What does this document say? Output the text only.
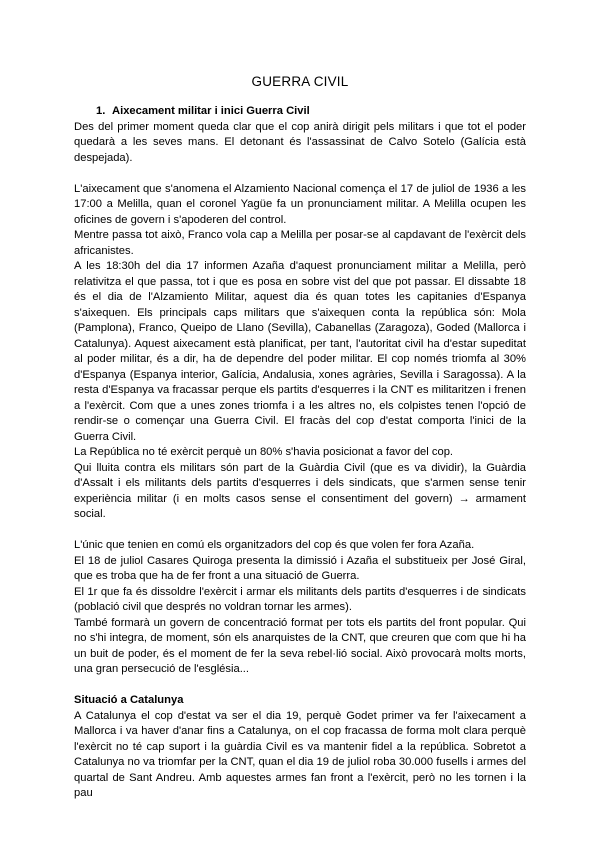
GUERRA CIVIL
1. Aixecament militar i inici Guerra Civil

Des del primer moment queda clar que el cop anirà dirigit pels militars i que tot el poder quedarà a les seves mans. El detonant és l'assassinat de Calvo Sotelo (Galícia està despejada).

L'aixecament que s'anomena el Alzamiento Nacional comença el 17 de juliol de 1936 a les 17:00 a Melilla, quan el coronel Yagüe fa un pronunciament militar. A Melilla ocupen les oficines de govern i s'apoderen del control.

Mentre passa tot això, Franco vola cap a Melilla per posar-se al capdavant de l'exèrcit dels africanistes.

A les 18:30h del dia 17 informen Azaña d'aquest pronunciament militar a Melilla, però relativitza el que passa, tot i que es posa en sobre vist del que pot passar. El dissabte 18 és el dia de l'Alzamiento Militar, aquest dia és quan totes les capitanies d'Espanya s'aixequen. Els principals caps militars que s'aixequen conta la república són: Mola (Pamplona), Franco, Queipo de Llano (Sevilla), Cabanellas (Zaragoza), Goded (Mallorca i Catalunya). Aquest aixecament està planificat, per tant, l'autoritat civil ha d'estar supeditat al poder militar, és a dir, ha de dependre del poder militar. El cop només triomfa al 30% d'Espanya (Espanya interior, Galícia, Andalusia, xones agràries, Sevilla i Saragossa). A la resta d'Espanya va fracassar perque els partits d'esquerres i la CNT es militaritzen i frenen a l'exèrcit. Com que a unes zones triomfa i a les altres no, els colpistes tenen l'opció de rendir-se o començar una Guerra Civil. El fracàs del cop d'estat comporta l'inici de la Guerra Civil.

La República no té exèrcit perquè un 80% s'havia posicionat a favor del cop.

Qui lluita contra els militars són part de la Guàrdia Civil (que es va dividir), la Guàrdia d'Assalt i els militants dels partits d'esquerres i dels sindicats, que s'armen sense tenir experiència militar (i en molts casos sense el consentiment del govern) → armament social.

L'únic que tenien en comú els organitzadors del cop és que volen fer fora Azaña.

El 18 de juliol Casares Quiroga presenta la dimissió i Azaña el substitueix per José Giral, que es troba que ha de fer front a una situació de Guerra.

El 1r que fa és dissoldre l'exèrcit i armar els militants dels partits d'esquerres i de sindicats (població civil que després no voldran tornar les armes).

També formarà un govern de concentració format per tots els partits del front popular. Qui no s'hi integra, de moment, són els anarquistes de la CNT, que creuren que com que hi ha un buit de poder, és el moment de fer la seva rebel·lió social. Això provocarà molts morts, una gran persecució de l'església...

Situació a Catalunya

A Catalunya el cop d'estat va ser el dia 19, perquè Godet primer va fer l'aixecament a Mallorca i va haver d'anar fins a Catalunya, on el cop fracassa de forma molt clara perquè l'exèrcit no té cap suport i la guàrdia Civil es va mantenir fidel a la república. Sobretot a Catalunya no va triomfar per la CNT, quan el dia 19 de juliol roba 30.000 fusells i armes del quartal de Sant Andreu. Amb aquestes armes fan front a l'exèrcit, però no les tornen i la pau
